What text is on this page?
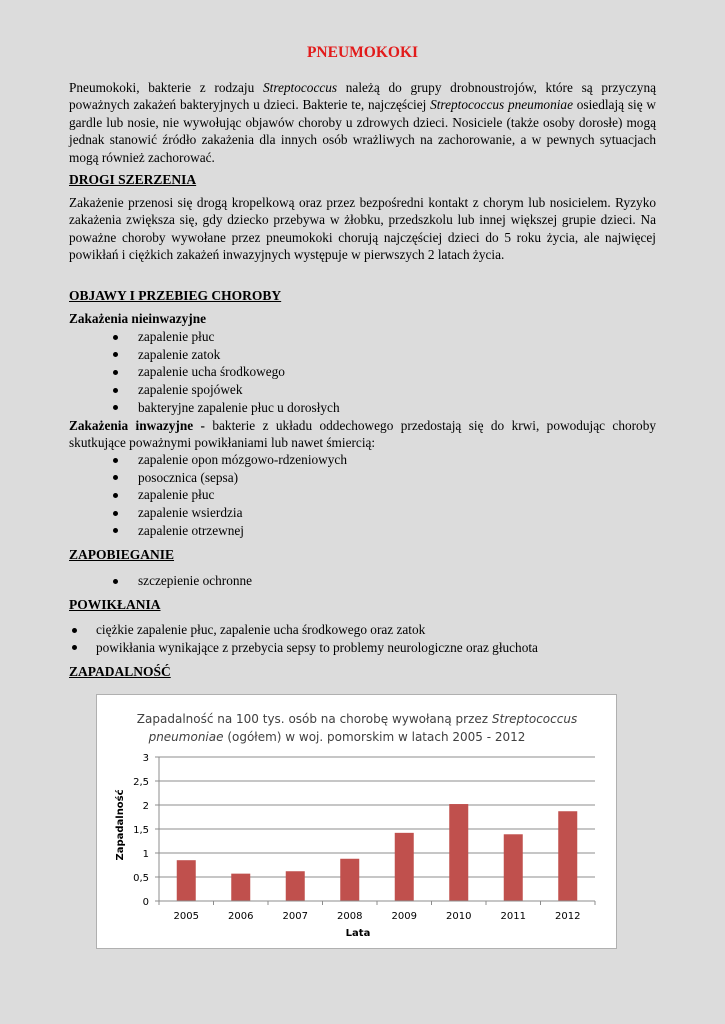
PNEUMOKOKI

Pneumokoki, bakterie z rodzaju Streptococcus należą do grupy drobnoustrojów, które są przyczyną poważnych zakażeń bakteryjnych u dzieci. Bakterie te, najczęściej Streptococcus pneumoniae osiedlają się w gardle lub nosie, nie wywołując objawów choroby u zdrowych dzieci. Nosiciele (także osoby dorosłe) mogą jednak stanowić źródło zakażenia dla innych osób wrażliwych na zachorowanie, a w pewnych sytuacjach mogą również zachorować.

DROGI SZERZENIA

Zakażenie przenosi się drogą kropelkową oraz przez bezpośredni kontakt z chorym lub nosicielem. Ryzyko zakażenia zwiększa się, gdy dziecko przebywa w żłobku, przedszkolu lub innej większej grupie dzieci. Na poważne choroby wywołane przez pneumokoki chorują najczęściej dzieci do 5 roku życia, ale najwięcej powikłań i ciężkich zakażeń inwazyjnych występuje w pierwszych 2 latach życia.

OBJAWY I PRZEBIEG CHOROBY

Zakażenia nieinwazyjne

zapalenie płuc
zapalenie zatok
zapalenie ucha środkowego
zapalenie spojówek
bakteryjne zapalenie płuc u dorosłych

Zakażenia inwazyjne - bakterie z układu oddechowego przedostają się do krwi, powodując choroby skutkujące poważnymi powikłaniami lub nawet śmiercią:

zapalenie opon mózgowo-rdzeniowych
posocznica (sepsa)
zapalenie płuc
zapalenie wsierdzia
zapalenie otrzewnej
ZAPOBIEGANIE
szczepienie ochronne
POWIKŁANIA
ciężkie zapalenie płuc, zapalenie ucha środkowego oraz zatok
powikłania wynikające z przebycia sepsy to problemy neurologiczne oraz głuchota
ZAPADALNOŚĆ
Zapadalność na 100 tys. osób na chorobę wywołaną przez Streptococcus
pneumoniae (ogółem) w woj. pomorskim w latach 2005 - 2012
0
0,5
1
1,5
2
2,5
3
2005	2006	2007	2008	2009	2010	2011	2012
Lata
Zapadalność
